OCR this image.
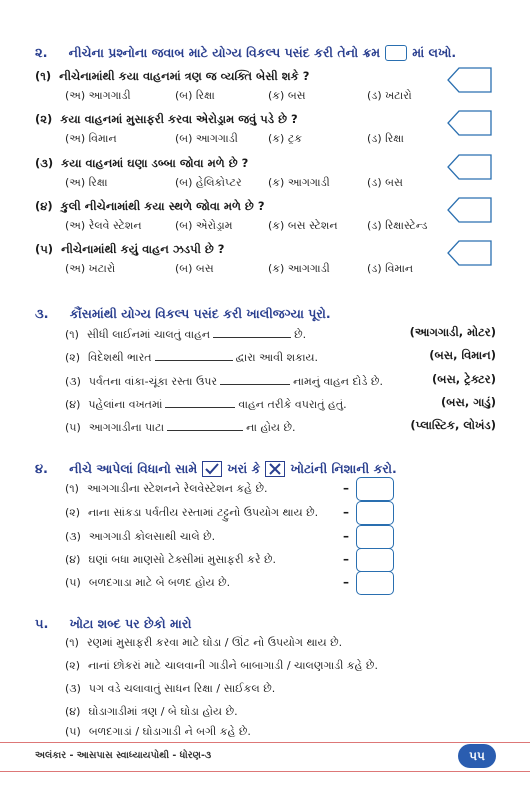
૨. નીચેના પ્રશ્નોના જવાબ માટે યોગ્ય વિકલ્પ પસંદ કરી તેનો ક્રમ	માં લખો.
(૧) નીચેનામાંથી કયા વાહનમાં ત્રણ જ વ્યક્તિ બેસી શકે ?
(અ) આગગાડી	(બ) રિક્ષા	(ક) બસ	(ડ) ખટારો
(૨) કયા વાહનમાં મુસાફરી કરવા એરોડ્રામ જવું પડે છે ?
(અ) વિમાન	(બ) આગગાડી	(ક) ટ્રક	(ડ) રિક્ષા
(૩) કયા વાહનમાં ઘણા ડબ્બા જોવા મળે છે ?
(અ) રિક્ષા	(બ) હેલિકોપ્ટર (ક) આગગાડી	(ડ) બસ
(૪) કુલી નીચેનામાંથી કયા સ્થળે જોવા મળે છે ?
(અ) રેલવે સ્ટેશન	(બ) એરોડ્રામ	(ક) બસ સ્ટેશન	(ડ) રિક્ષાસ્ટેન્ડ
(૫) નીચેનામાંથી કયું વાહન ઝડપી છે ?
(અ) ખટારો	(બ) બસ	(ક) આગગાડી	(ડ) વિમાન
૩. કૌંસમાંથી યોગ્ય વિકલ્પ પસંદ કરી ખાલીજગ્યા પૂરો.
(૧) સીધી લાઈનમાં ચાલતું વાહન	છે.	(આગગાડી, મોટર)
(૨) વિદેશથી ભારત	દ્વારા આવી શકાય.	(બસ, વિમાન)
(૩) પર્વતના વાંકા-ચૂંકા રસ્તા ઉપર	નામનું વાહન દોડે છે.	(બસ, ટ્રેક્ટર)
(૪) પહેલાંના વખતમાં	વાહન તરીકે વપરાતું હતું.	(બસ, ગાડું)
(૫) આગગાડીના પાટા	ના હોય છે.	(પ્લાસ્ટિક, લોખંડ)
૪. નીચે આપેલાં વિધાનો સામે ખરાં કે ખોટાંની નિશાની કરો.
(૧) આગગાડીના સ્ટેશનને રેલવેસ્ટેશન કહે છે.	–
(૨) નાના સાંકડા પર્વતીય રસ્તામાં ટટ્ટુનો ઉપયોગ થાય છે. –
(૩) આગગાડી કોલસાથી ચાલે છે.	–
(૪) ઘણાં બધા માણસો ટેક્સીમાં મુસાફરી કરે છે.	–
(૫) બળદગાડા માટે બે બળદ હોય છે.	–
૫. ખોટા શબ્દ પર છેકો મારો
(૧) રણમાં મુસાફરી કરવા માટે ઘોડા / ઊંટ નો ઉપયોગ થાય છે.
(૨) નાનાં છોકરાં માટે ચાલવાની ગાડીને બાબાગાડી / ચાલણગાડી કહે છે.
(૩) પગ વડે ચલાવાતું સાધન રિક્ષા / સાઈકલ છે.
(૪) ઘોડાગાડીમાં ત્રણ / બે ઘોડા હોય છે.
(૫) બળદગાડાં / ઘોડાગાડી ને બગી કહે છે.
અલંકાર - આસપાસ સ્વાધ્યાયપોથી - ધોરણ-૩	૫૫
